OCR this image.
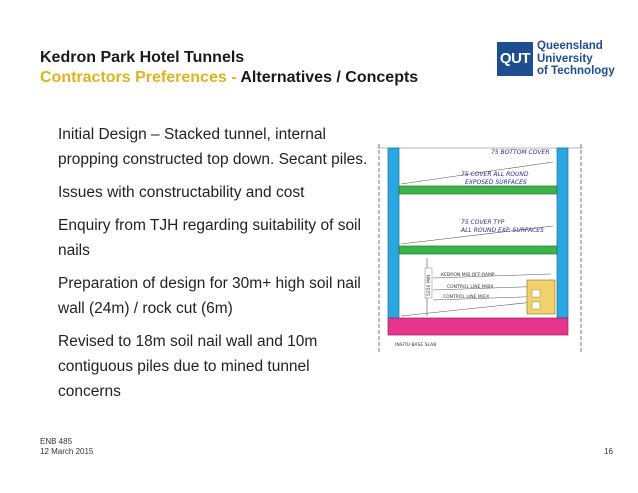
Kedron Park Hotel Tunnels
Contractors Preferences - Alternatives / Concepts
QUT
Queensland
University
of Technology
Initial Design – Stacked tunnel, internal propping constructed top down. Secant piles.
Issues with constructability and cost
Enquiry from TJH regarding suitability of soil nails
Preparation of design for 30m+ high soil nail wall (24m) / rock cut (6m)
Revised to 18m soil nail wall and 10m contiguous piles due to mined tunnel concerns
5250 MIN KEDRON M/B OFF-RAMP
CONTROL LINE M/BX
CONTROL LINE M/EX
75 BOTTOM COVER
75 COVER ALL ROUND
EXPOSED SURFACES
75 COVER TYP
ALL ROUND EXP. SURFACES
INSITU BASE SLAB
ENB 485
12 March 2015	16
